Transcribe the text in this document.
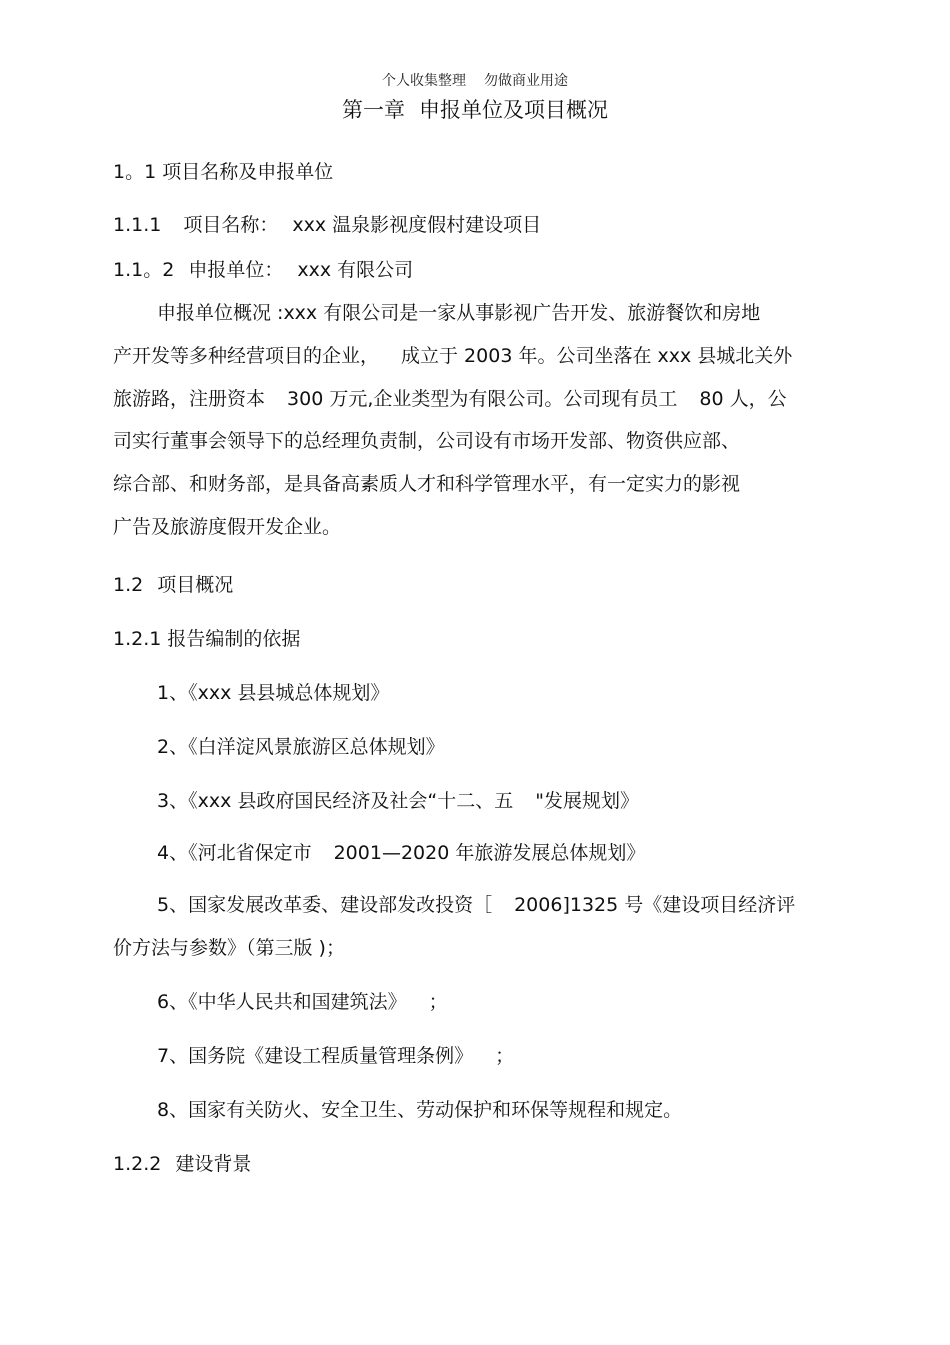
个人收集整理 勿做商业用途
第一章 申报单位及项目概况

1。1 项目名称及申报单位

1.1.1 项目名称： xxx 温泉影视度假村建设项目

1.1。2 申报单位： xxx 有限公司

申报单位概况 :xxx 有限公司是一家从事影视广告开发、旅游餐饮和房地

产开发等多种经营项目的企业， 成立于 2003 年。公司坐落在 xxx 县城北关外

旅游路，注册资本 300 万元,企业类型为有限公司。公司现有员工 80 人，公

司实行董事会领导下的总经理负责制，公司设有市场开发部、物资供应部、

综合部、和财务部，是具备高素质人才和科学管理水平，有一定实力的影视

广告及旅游度假开发企业。

1.2 项目概况

1.2.1 报告编制的依据

1、《xxx 县县城总体规划》

2、《白洋淀风景旅游区总体规划》

3、《xxx 县政府国民经济及社会“十二、五 "发展规划》

4、《河北省保定市 2001—2020 年旅游发展总体规划》

5、国家发展改革委、建设部发改投资［ 2006]1325 号《建设项目经济评

价方法与参数》（第三版 )；

6、《中华人民共和国建筑法》 ；

7、国务院《建设工程质量管理条例》 ；

8、国家有关防火、安全卫生、劳动保护和环保等规程和规定。

1.2.2 建设背景
